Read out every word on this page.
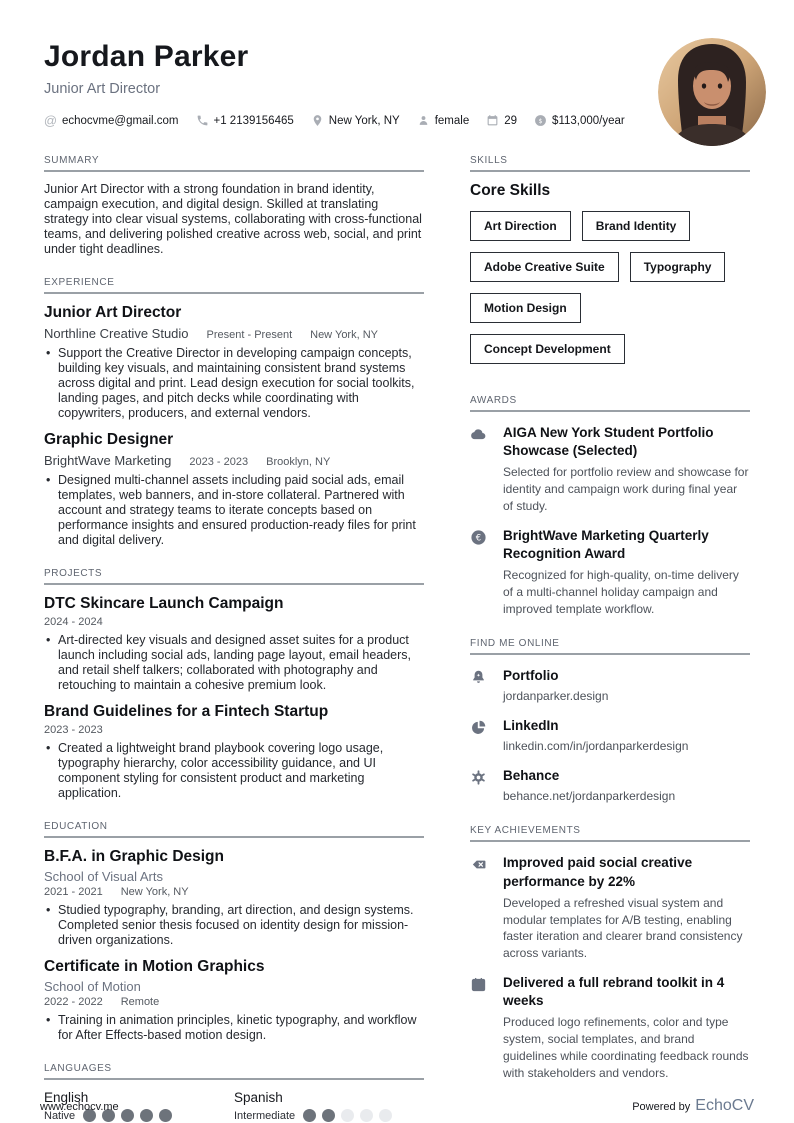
Jordan Parker
Junior Art Director
@ echocvme@gmail.com	+1 2139156465	New York, NY	female	29 $ $113,000/year
SUMMARY
Junior Art Director with a strong foundation in brand identity, campaign execution, and digital design. Skilled at translating strategy into clear visual systems, collaborating with cross-functional teams, and delivering polished creative across web, social, and print under tight deadlines.
EXPERIENCE
Junior Art Director
Northline Creative Studio Present - Present New York, NY
• Support the Creative Director in developing campaign concepts, building key visuals, and maintaining consistent brand systems across digital and print. Lead design execution for social toolkits, landing pages, and pitch decks while coordinating with copywriters, producers, and external vendors.
Graphic Designer
BrightWave Marketing 2023 - 2023 Brooklyn, NY
• Designed multi-channel assets including paid social ads, email templates, web banners, and in-store collateral. Partnered with account and strategy teams to iterate concepts based on performance insights and ensured production-ready files for print and digital delivery.
PROJECTS
DTC Skincare Launch Campaign
2024 - 2024
• Art-directed key visuals and designed asset suites for a product launch including social ads, landing page layout, email headers, and retail shelf talkers; collaborated with photography and retouching to maintain a cohesive premium look.
Brand Guidelines for a Fintech Startup
2023 - 2023
• Created a lightweight brand playbook covering logo usage, typography hierarchy, color accessibility guidance, and UI component styling for consistent product and marketing application.
EDUCATION
B.F.A. in Graphic Design
School of Visual Arts
2021 - 2021 New York, NY
• Studied typography, branding, art direction, and design systems. Completed senior thesis focused on identity design for mission-driven organizations.
Certificate in Motion Graphics
School of Motion
2022 - 2022 Remote
• Training in animation principles, kinetic typography, and workflow for After Effects-based motion design.
LANGUAGES
English
Native
Spanish
Intermediate
SKILLS
Core Skills
Art Direction	Brand Identity
Adobe Creative Suite	Typography
Motion Design
Concept Development
AWARDS
AIGA New York Student Portfolio Showcase (Selected)
Selected for portfolio review and showcase for identity and campaign work during final year of study.
€ BrightWave Marketing Quarterly Recognition Award
Recognized for high-quality, on-time delivery of a multi-channel holiday campaign and improved template workflow.
FIND ME ONLINE
✦ Portfolio
jordanparker.design
LinkedIn
linkedin.com/in/jordanparkerdesign
Behance
behance.net/jordanparkerdesign
KEY ACHIEVEMENTS
Improved paid social creative performance by 22%
Developed a refreshed visual system and modular templates for A/B testing, enabling faster iteration and clearer brand consistency across variants.
Delivered a full rebrand toolkit in 4 weeks
Produced logo refinements, color and type system, social templates, and brand guidelines while coordinating feedback rounds with stakeholders and vendors.
www.echocv.me	Powered by EchoCV
